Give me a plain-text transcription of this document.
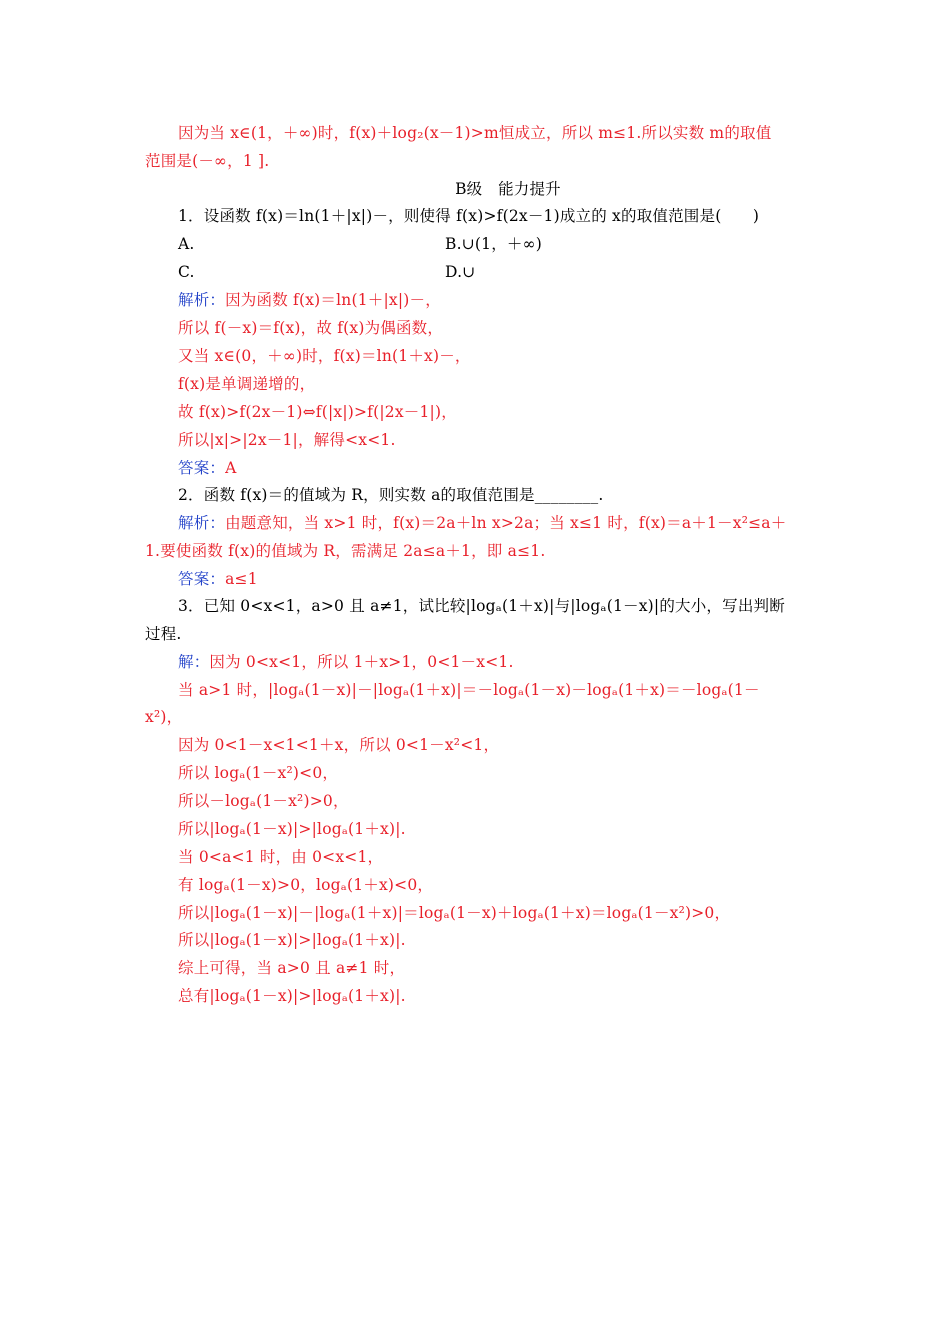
因为当 x∈(1，＋∞)时，f(x)＋log₂(x－1)>m恒成立，所以 m≤1.所以实数 m的取值
范围是(－∞，1 ].
B级　能力提升
1．设函数 f(x)＝ln(1＋|x|)－，则使得 f(x)>f(2x－1)成立的 x的取值范围是(　　)
A.	B.∪(1，＋∞)
C.	D.∪
解析：因为函数 f(x)＝ln(1＋|x|)－，
所以 f(－x)＝f(x)，故 f(x)为偶函数，
又当 x∈(0，＋∞)时，f(x)＝ln(1＋x)－，
f(x)是单调递增的，
故 f(x)>f(2x－1)⇔f(|x|)>f(|2x－1|)，
所以|x|>|2x－1|，解得<x<1.
答案：A
2．函数 f(x)＝的值域为 R，则实数 a的取值范围是________.
解析：由题意知，当 x>1 时，f(x)＝2a＋ln x>2a；当 x≤1 时，f(x)＝a＋1－x²≤a＋
1.要使函数 f(x)的值域为 R，需满足 2a≤a＋1，即 a≤1.
答案：a≤1
3．已知 0<x<1，a>0 且 a≠1，试比较|logₐ(1＋x)|与|logₐ(1－x)|的大小，写出判断
过程.
解：因为 0<x<1，所以 1＋x>1，0<1－x<1.
当 a>1 时，|logₐ(1－x)|－|logₐ(1＋x)|＝－logₐ(1－x)－logₐ(1＋x)＝－logₐ(1－
x²)，
因为 0<1－x<1<1＋x，所以 0<1－x²<1，
所以 logₐ(1－x²)<0，
所以－logₐ(1－x²)>0，
所以|logₐ(1－x)|>|logₐ(1＋x)|.
当 0<a<1 时，由 0<x<1，
有 logₐ(1－x)>0，logₐ(1＋x)<0，
所以|logₐ(1－x)|－|logₐ(1＋x)|＝logₐ(1－x)＋logₐ(1＋x)＝logₐ(1－x²)>0，
所以|logₐ(1－x)|>|logₐ(1＋x)|.
综上可得，当 a>0 且 a≠1 时，
总有|logₐ(1－x)|>|logₐ(1＋x)|.
